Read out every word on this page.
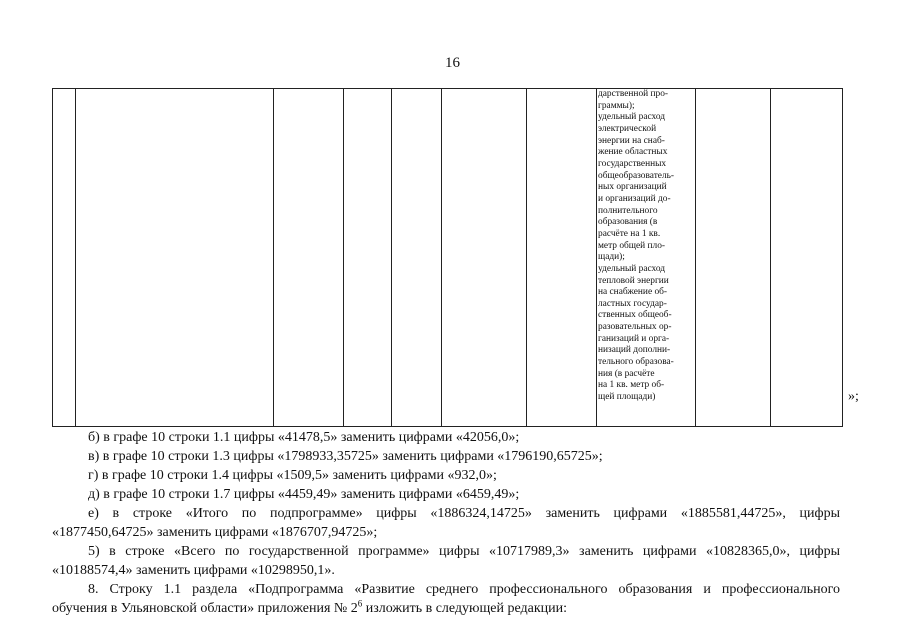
16
дарственной про-
граммы);
удельный расход
электрической
энергии на снаб-
жение областных
государственных
общеобразователь-
ных организаций
и организаций до-
полнительного
образования (в
расчёте на 1 кв.
метр общей пло-
щади);
удельный расход
тепловой энергии
на снабжение об-
ластных государ-
ственных общеоб-
разовательных ор-
ганизаций и орга-
низаций дополни-
тельного образова-
ния (в расчёте
на 1 кв. метр об-
щей площади)	»;
б) в графе 10 строки 1.1 цифры «41478,5» заменить цифрами «42056,0»;
в) в графе 10 строки 1.3 цифры «1798933,35725» заменить цифрами «1796190,65725»;
г) в графе 10 строки 1.4 цифры «1509,5» заменить цифрами «932,0»;
д) в графе 10 строки 1.7 цифры «4459,49» заменить цифрами «6459,49»;
е) в строке «Итого по подпрограмме» цифры «1886324,14725» заменить цифрами «1885581,44725», цифры
«1877450,64725» заменить цифрами «1876707,94725»;
5) в строке «Всего по государственной программе» цифры «10717989,3» заменить цифрами «10828365,0», цифры
«10188574,4» заменить цифрами «10298950,1».
8. Строку 1.1 раздела «Подпрограмма «Развитие среднего профессионального образования и профессионального
обучения в Ульяновской области» приложения № $2^6$ изложить в следующей редакции:
